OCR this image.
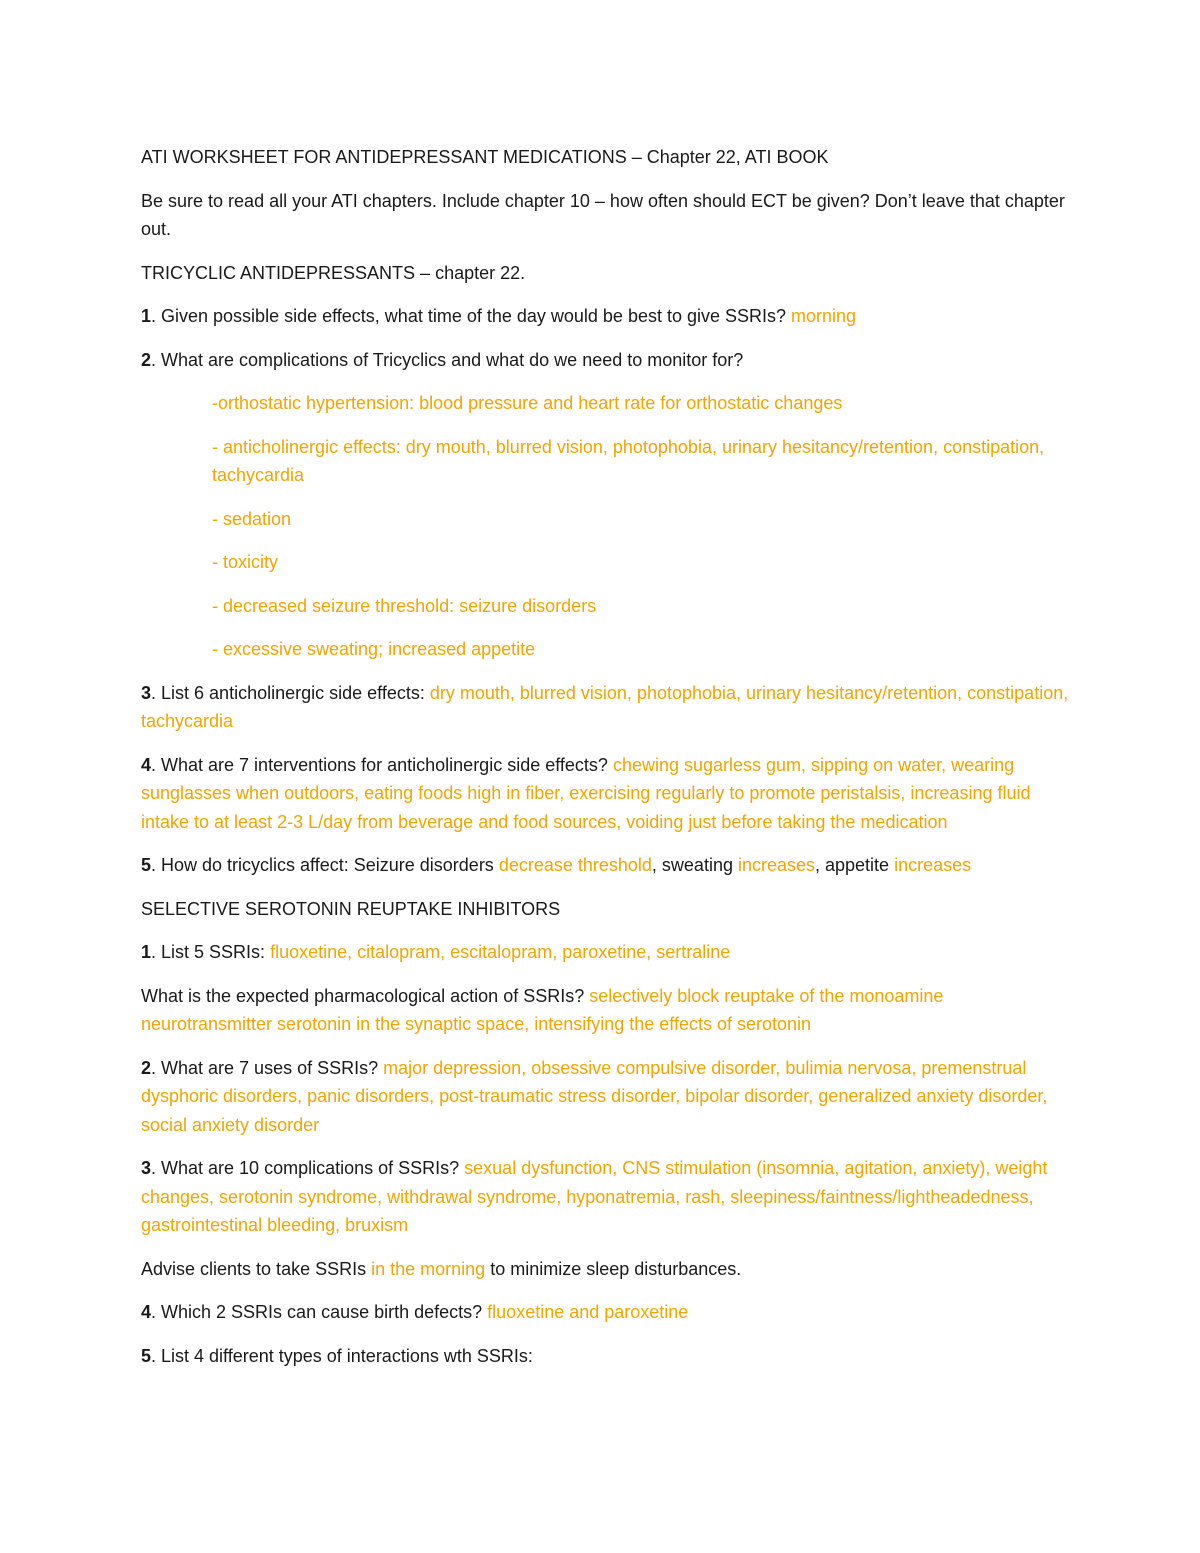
ATI WORKSHEET FOR ANTIDEPRESSANT MEDICATIONS – Chapter 22, ATI BOOK

Be sure to read all your ATI chapters. Include chapter 10 – how often should ECT be given? Don’t leave that chapter out.

TRICYCLIC ANTIDEPRESSANTS – chapter 22.

1. Given possible side effects, what time of the day would be best to give SSRIs? morning

2. What are complications of Tricyclics and what do we need to monitor for?

-orthostatic hypertension: blood pressure and heart rate for orthostatic changes

- anticholinergic effects: dry mouth, blurred vision, photophobia, urinary hesitancy/retention, constipation, tachycardia

- sedation

- toxicity

- decreased seizure threshold: seizure disorders

- excessive sweating; increased appetite

3. List 6 anticholinergic side effects: dry mouth, blurred vision, photophobia, urinary hesitancy/retention, constipation, tachycardia

4. What are 7 interventions for anticholinergic side effects? chewing sugarless gum, sipping on water, wearing sunglasses when outdoors, eating foods high in fiber, exercising regularly to promote peristalsis, increasing fluid intake to at least 2-3 L/day from beverage and food sources, voiding just before taking the medication

5. How do tricyclics affect: Seizure disorders decrease threshold, sweating increases, appetite increases

SELECTIVE SEROTONIN REUPTAKE INHIBITORS

1. List 5 SSRIs: fluoxetine, citalopram, escitalopram, paroxetine, sertraline

What is the expected pharmacological action of SSRIs? selectively block reuptake of the monoamine neurotransmitter serotonin in the synaptic space, intensifying the effects of serotonin

2. What are 7 uses of SSRIs? major depression, obsessive compulsive disorder, bulimia nervosa, premenstrual dysphoric disorders, panic disorders, post-traumatic stress disorder, bipolar disorder, generalized anxiety disorder, social anxiety disorder

3. What are 10 complications of SSRIs? sexual dysfunction, CNS stimulation (insomnia, agitation, anxiety), weight changes, serotonin syndrome, withdrawal syndrome, hyponatremia, rash, sleepiness/faintness/lightheadedness, gastrointestinal bleeding, bruxism

Advise clients to take SSRIs in the morning to minimize sleep disturbances.

4. Which 2 SSRIs can cause birth defects? fluoxetine and paroxetine

5. List 4 different types of interactions wth SSRIs:
